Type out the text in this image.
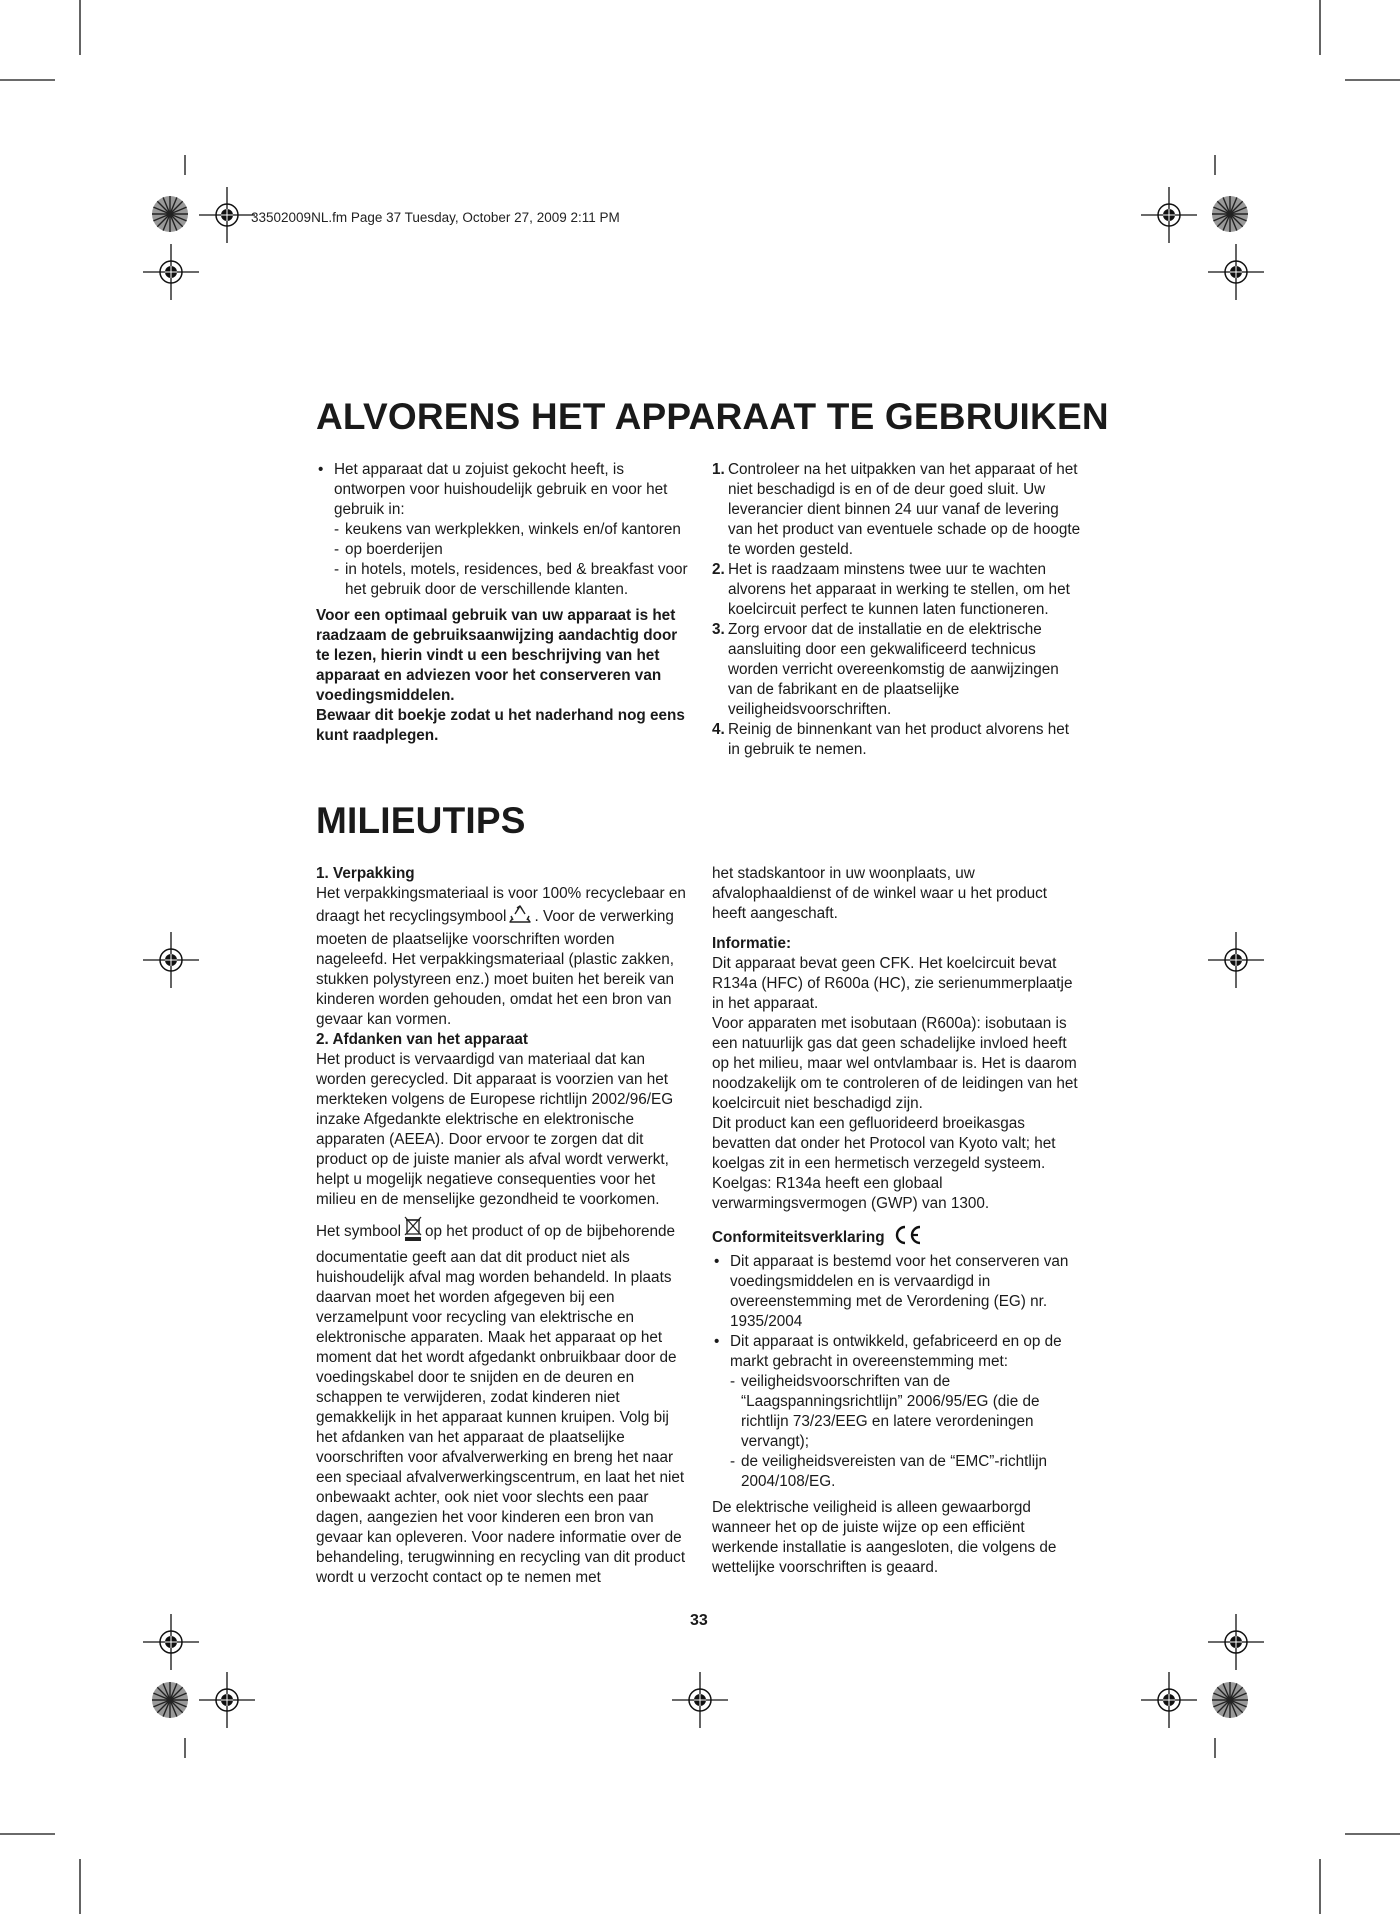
33502009NL.fm Page 37 Tuesday, October 27, 2009 2:11 PM
ALVORENS HET APPARAAT TE GEBRUIKEN

• Het apparaat dat u zojuist gekocht heeft, is ontworpen voor huishoudelijk gebruik en voor het gebruik in:

- keukens van werkplekken, winkels en/of kantoren

- op boerderijen

- in hotels, motels, residences, bed & breakfast voor het gebruik door de verschillende klanten.

Voor een optimaal gebruik van uw apparaat is het raadzaam de gebruiksaanwijzing aandachtig door te lezen, hierin vindt u een beschrijving van het apparaat en adviezen voor het conserveren van voedingsmiddelen.

Bewaar dit boekje zodat u het naderhand nog eens kunt raadplegen.

1. Controleer na het uitpakken van het apparaat of het niet beschadigd is en of de deur goed sluit. Uw leverancier dient binnen 24 uur vanaf de levering van het product van eventuele schade op de hoogte te worden gesteld.

2. Het is raadzaam minstens twee uur te wachten alvorens het apparaat in werking te stellen, om het koelcircuit perfect te kunnen laten functioneren.

3. Zorg ervoor dat de installatie en de elektrische aansluiting door een gekwalificeerd technicus worden verricht overeenkomstig de aanwijzingen van de fabrikant en de plaatselijke veiligheidsvoorschriften.

4. Reinig de binnenkant van het product alvorens het in gebruik te nemen.

MILIEUTIPS

1. Verpakking

Het verpakkingsmateriaal is voor 100% recyclebaar en draagt het recyclingsymbool . Voor de verwerking moeten de plaatselijke voorschriften worden nageleefd. Het verpakkingsmateriaal (plastic zakken, stukken polystyreen enz.) moet buiten het bereik van kinderen worden gehouden, omdat het een bron van gevaar kan vormen.

2. Afdanken van het apparaat

Het product is vervaardigd van materiaal dat kan worden gerecycled. Dit apparaat is voorzien van het merkteken volgens de Europese richtlijn 2002/96/EG inzake Afgedankte elektrische en elektronische apparaten (AEEA). Door ervoor te zorgen dat dit product op de juiste manier als afval wordt verwerkt, helpt u mogelijk negatieve consequenties voor het milieu en de menselijke gezondheid te voorkomen.

Het symbool op het product of op de bijbehorende documentatie geeft aan dat dit product niet als huishoudelijk afval mag worden behandeld. In plaats daarvan moet het worden afgegeven bij een verzamelpunt voor recycling van elektrische en elektronische apparaten. Maak het apparaat op het moment dat het wordt afgedankt onbruikbaar door de voedingskabel door te snijden en de deuren en schappen te verwijderen, zodat kinderen niet gemakkelijk in het apparaat kunnen kruipen. Volg bij het afdanken van het apparaat de plaatselijke voorschriften voor afvalverwerking en breng het naar een speciaal afvalverwerkingscentrum, en laat het niet onbewaakt achter, ook niet voor slechts een paar dagen, aangezien het voor kinderen een bron van gevaar kan opleveren. Voor nadere informatie over de behandeling, terugwinning en recycling van dit product wordt u verzocht contact op te nemen met

het stadskantoor in uw woonplaats, uw afvalophaaldienst of de winkel waar u het product heeft aangeschaft.

Informatie:

Dit apparaat bevat geen CFK. Het koelcircuit bevat R134a (HFC) of R600a (HC), zie serienummerplaatje in het apparaat.

Voor apparaten met isobutaan (R600a): isobutaan is een natuurlijk gas dat geen schadelijke invloed heeft op het milieu, maar wel ontvlambaar is. Het is daarom noodzakelijk om te controleren of de leidingen van het koelcircuit niet beschadigd zijn.

Dit product kan een gefluorideerd broeikasgas bevatten dat onder het Protocol van Kyoto valt; het koelgas zit in een hermetisch verzegeld systeem.

Koelgas: R134a heeft een globaal verwarmingsvermogen (GWP) van 1300.

Conformiteitsverklaring

• Dit apparaat is bestemd voor het conserveren van voedingsmiddelen en is vervaardigd in overeenstemming met de Verordening (EG) nr. 1935/2004

• Dit apparaat is ontwikkeld, gefabriceerd en op de markt gebracht in overeenstemming met:

- veiligheidsvoorschriften van de “Laagspanningsrichtlijn” 2006/95/EG (die de richtlijn 73/23/EEG en latere verordeningen vervangt);

- de veiligheidsvereisten van de “EMC”-richtlijn 2004/108/EG.

De elektrische veiligheid is alleen gewaarborgd wanneer het op de juiste wijze op een efficiënt werkende installatie is aangesloten, die volgens de wettelijke voorschriften is geaard.

33
